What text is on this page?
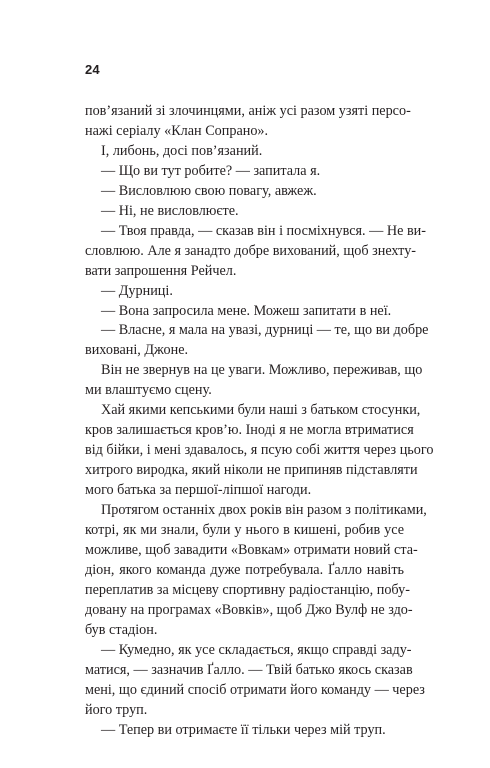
24

пов’язаний зі злочинцями, аніж усі разом узяті персо-
нажі серіалу «Клан Сопрано».

І, либонь, досі пов’язаний.

— Що ви тут робите? — запитала я.

— Висловлюю свою повагу, авжеж.

— Ні, не висловлюєте.

— Твоя правда, — сказав він і посміхнувся. — Не ви-
словлюю. Але я занадто добре вихований, щоб знехту-
вати запрошення Рейчел.

— Дурниці.

— Вона запросила мене. Можеш запитати в неї.

— Власне, я мала на увазі, дурниці — те, що ви добре
виховані, Джоне.

Він не звернув на це уваги. Можливо, переживав, що
ми влаштуємо сцену.

Хай якими кепськими були наші з батьком стосунки,
кров залишається кров’ю. Іноді я не могла втриматися
від бійки, і мені здавалось, я псую собі життя через цього
хитрого виродка, який ніколи не припиняв підставляти
мого батька за першої-ліпшої нагоди.

Протягом останніх двох років він разом з політиками,
котрі, як ми знали, були у нього в кишені, робив усе
можливе, щоб завадити «Вовкам» отримати новий ста-
діон, якого команда дуже потребувала. Ґалло навіть
переплатив за місцеву спортивну радіостанцію, побу-
довану на програмах «Вовків», щоб Джо Вулф не здо-
був стадіон.

— Кумедно, як усе складається, якщо справді заду-
матися, — зазначив Ґалло. — Твій батько якось сказав
мені, що єдиний спосіб отримати його команду — через
його труп.

— Тепер ви отримаєте її тільки через мій труп.
